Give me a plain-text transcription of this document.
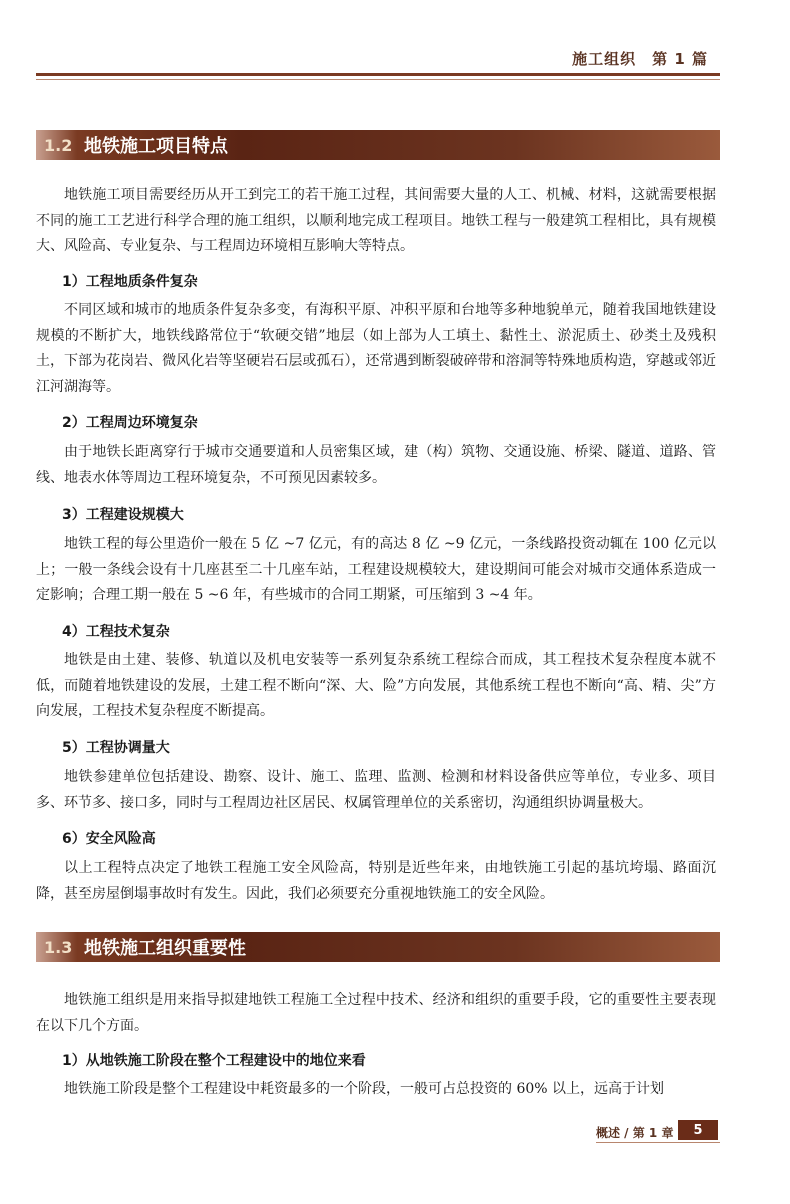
施工组织　第 1 篇
1.2 地铁施工项目特点

地铁施工项目需要经历从开工到完工的若干施工过程，其间需要大量的人工、机械、材料，这就需要根据不同的施工工艺进行科学合理的施工组织，以顺利地完成工程项目。地铁工程与一般建筑工程相比，具有规模大、风险高、专业复杂、与工程周边环境相互影响大等特点。

1）工程地质条件复杂

不同区域和城市的地质条件复杂多变，有海积平原、冲积平原和台地等多种地貌单元，随着我国地铁建设规模的不断扩大，地铁线路常位于“软硬交错”地层（如上部为人工填土、黏性土、淤泥质土、砂类土及残积土，下部为花岗岩、微风化岩等坚硬岩石层或孤石），还常遇到断裂破碎带和溶洞等特殊地质构造，穿越或邻近江河湖海等。

2）工程周边环境复杂

由于地铁长距离穿行于城市交通要道和人员密集区域，建（构）筑物、交通设施、桥梁、隧道、道路、管线、地表水体等周边工程环境复杂，不可预见因素较多。

3）工程建设规模大

地铁工程的每公里造价一般在 5 亿 ~7 亿元，有的高达 8 亿 ~9 亿元，一条线路投资动辄在 100 亿元以上；一般一条线会设有十几座甚至二十几座车站，工程建设规模较大，建设期间可能会对城市交通体系造成一定影响；合理工期一般在 5 ~6 年，有些城市的合同工期紧，可压缩到 3 ~4 年。

4）工程技术复杂

地铁是由土建、装修、轨道以及机电安装等一系列复杂系统工程综合而成，其工程技术复杂程度本就不低，而随着地铁建设的发展，土建工程不断向“深、大、险”方向发展，其他系统工程也不断向“高、精、尖”方向发展，工程技术复杂程度不断提高。

5）工程协调量大

地铁参建单位包括建设、勘察、设计、施工、监理、监测、检测和材料设备供应等单位，专业多、项目多、环节多、接口多，同时与工程周边社区居民、权属管理单位的关系密切，沟通组织协调量极大。

6）安全风险高

以上工程特点决定了地铁工程施工安全风险高，特别是近些年来，由地铁施工引起的基坑垮塌、路面沉降，甚至房屋倒塌事故时有发生。因此，我们必须要充分重视地铁施工的安全风险。

1.3 地铁施工组织重要性

地铁施工组织是用来指导拟建地铁工程施工全过程中技术、经济和组织的重要手段，它的重要性主要表现在以下几个方面。

1）从地铁施工阶段在整个工程建设中的地位来看

地铁施工阶段是整个工程建设中耗资最多的一个阶段，一般可占总投资的 60% 以上，远高于计划

概述 / 第 1 章	5
